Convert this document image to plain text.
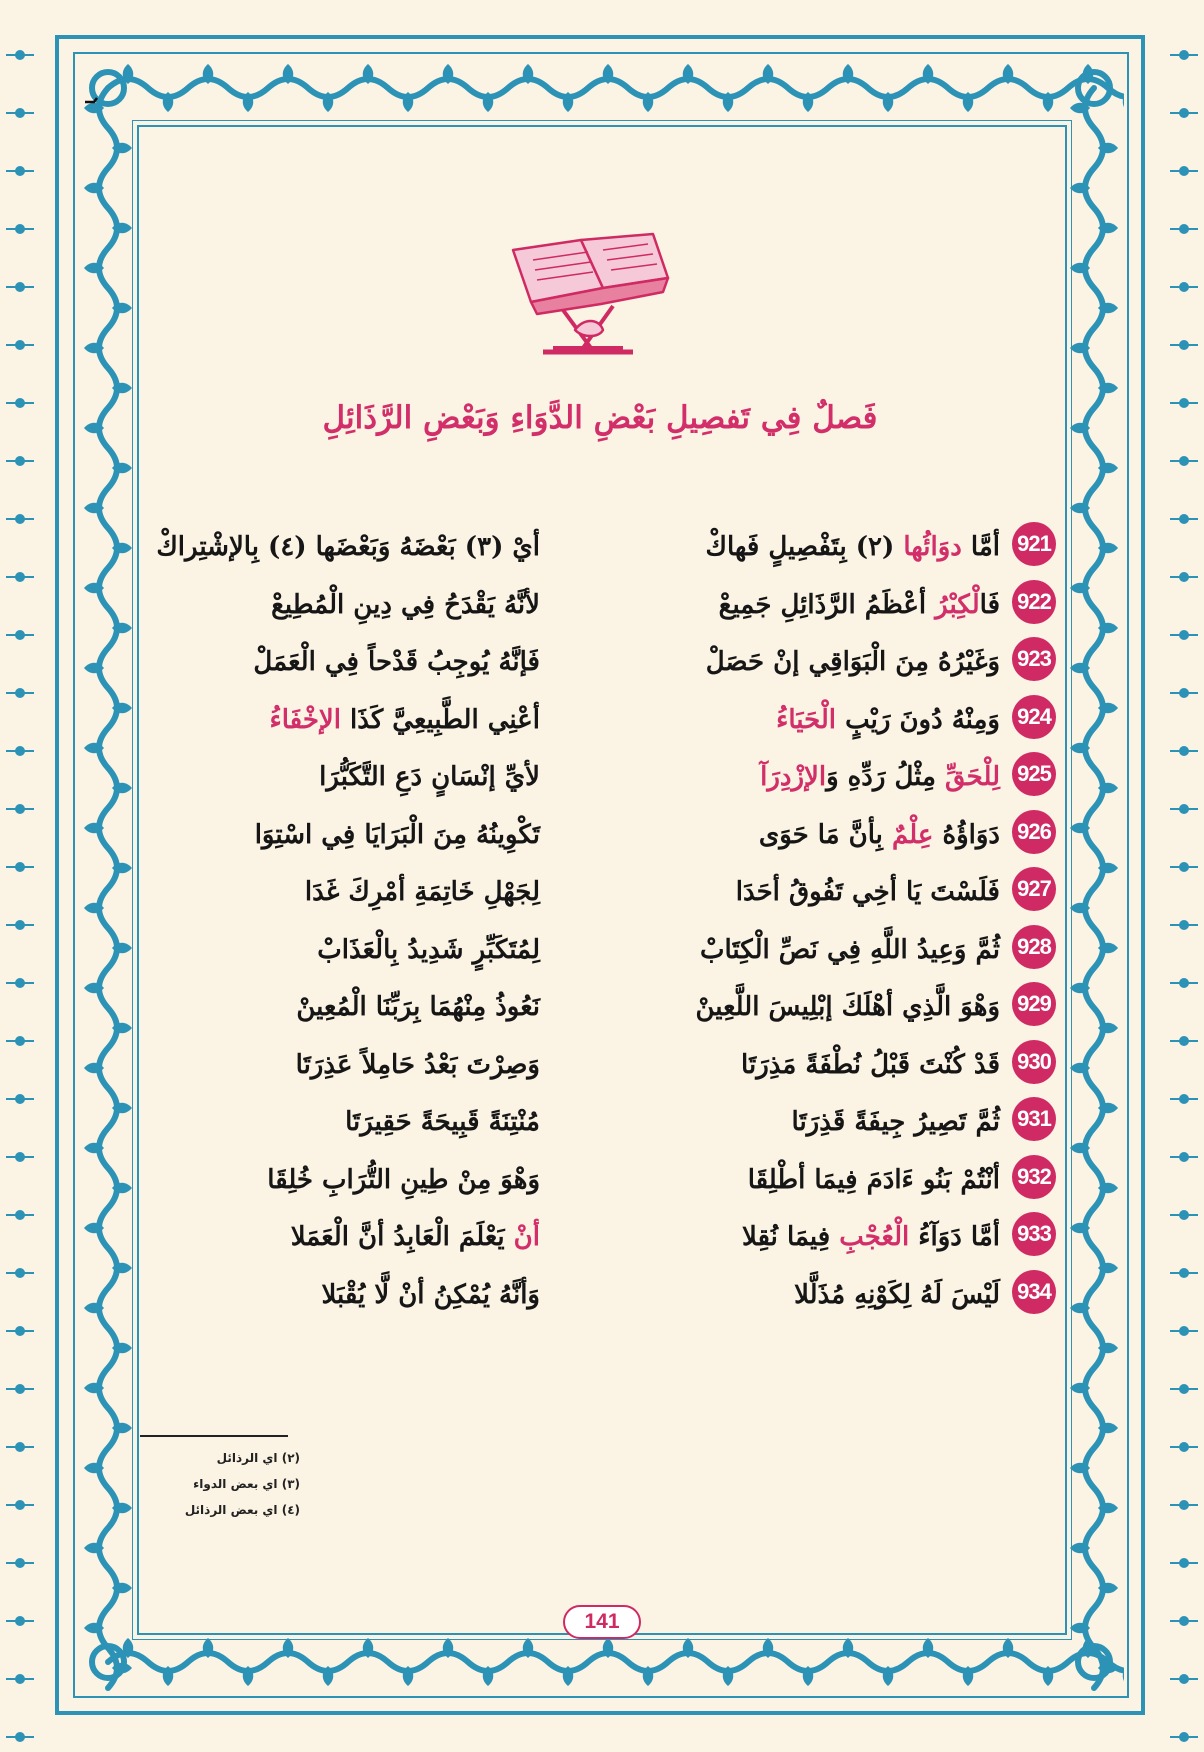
فَصلٌ فِي تَفصِيلِ بَعْضِ الدَّوَاءِ وَبَعْضِ الرَّذَائِلِ
921
أمَّا دوَائُها (٢) بِتَفْصِيلٍ فَهاكْ
أيْ (٣) بَعْضَهُ وَبَعْضَها (٤) بِالإشْتِراكْ
922
فَالْكِبْرُ أعْظَمُ الرَّذَائِلِ جَمِيعْ
لأنَّهُ يَقْدَحُ فِي دِينِ الْمُطِيعْ
923
وَغَيْرُهُ مِنَ الْبَوَاقِي إنْ حَصَلْ
فَإنَّهُ يُوجِبُ قَدْحاً فِي الْعَمَلْ
924
وَمِنْهُ دُونَ رَيْبٍ الْحَيَاءُ
أعْنِي الطَّبِيعِيَّ كَذَا الإخْفَاءُ
925
لِلْحَقِّ مِثْلُ رَدِّهِ وَالإزْدِرَآ
لأيِّ إنْسَانٍ دَعِ التَّكَبُّرَا
926
دَوَاؤُهُ عِلْمٌ بِأنَّ مَا حَوَى
تَكْوِينُهُ مِنَ الْبَرَايَا فِي اسْتِوَا
927
فَلَسْتَ يَا أخِي تَفُوقُ أحَدَا
لِجَهْلِ خَاتِمَةِ أمْرِكَ غَدَا
928
ثُمَّ وَعِيدُ اللَّهِ فِي نَصِّ الْكِتَابْ
لِمُتَكَبِّرٍ شَدِيدُ بِالْعَذَابْ
929
وَهْوَ الَّذِي أهْلَكَ إبْلِيسَ اللَّعِينْ
نَعُوذُ مِنْهُمَا بِرَبِّنَا الْمُعِينْ
930
قَدْ كُنْتَ قَبْلُ نُطْفَةً مَذِرَتَا
وَصِرْتَ بَعْدُ حَامِلاً عَذِرَتَا
931
ثُمَّ تَصِيرُ جِيفَةً قَذِرَتَا
مُنْتِنَةً قَبِيحَةً حَقِيرَتَا
932
أنْتُمْ بَنُو ءَادَمَ فِيمَا أطْلِقَا
وَهْوَ مِنْ طِينِ التُّرَابِ خُلِقَا
933
أمَّا دَوَآءُ الْعُجْبِ فِيمَا نُقِلا
أنْ يَعْلَمَ الْعَابِدُ أنَّ الْعَمَلا
934
لَيْسَ لَهُ لِكَوْنِهِ مُذَلَّلا
وَأنَّهُ يُمْكِنُ أنْ لَّا يُقْبَلا
(٢) اي الرذائل
(٣) اي بعض الدواء
(٤) اي بعض الرذائل
141
